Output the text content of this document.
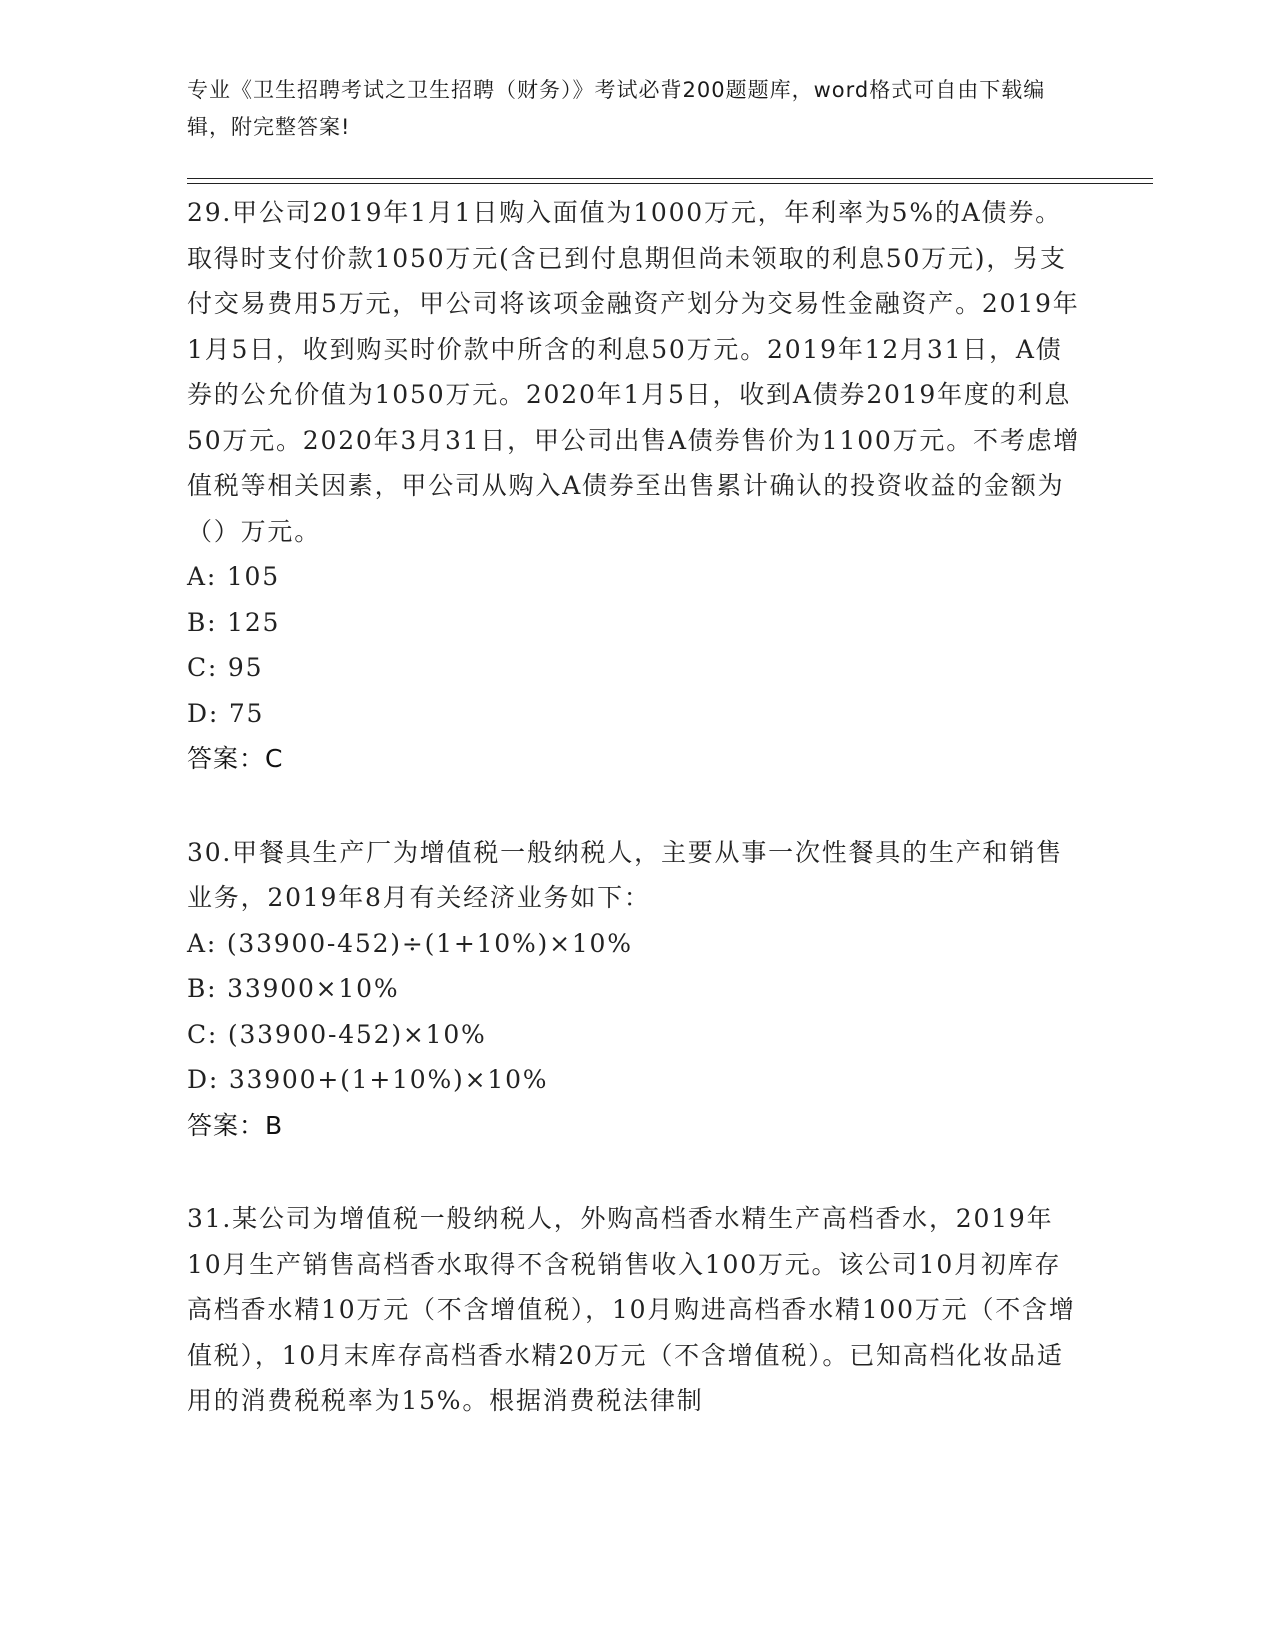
专业《卫生招聘考试之卫生招聘（财务）》考试必背200题题库，word格式可自由下载编辑，附完整答案!

29.甲公司2019年1月1日购入面值为1000万元，年利率为5%的A债券。取得时支付价款1050万元(含已到付息期但尚未领取的利息50万元)，另支付交易费用5万元，甲公司将该项金融资产划分为交易性金融资产。2019年1月5日，收到购买时价款中所含的利息50万元。2019年12月31日，A债券的公允价值为1050万元。2020年1月5日，收到A债券2019年度的利息50万元。2020年3月31日，甲公司出售A债券售价为1100万元。不考虑增值税等相关因素，甲公司从购入A债券至出售累计确认的投资收益的金额为（）万元。

A: 105

B: 125

C: 95

D: 75

答案：C

30.甲餐具生产厂为增值税一般纳税人，主要从事一次性餐具的生产和销售业务，2019年8月有关经济业务如下：

A: (33900-452)÷(1+10%)×10%

B: 33900×10%

C: (33900-452)×10%

D: 33900+(1+10%)×10%

答案：B

31.某公司为增值税一般纳税人，外购高档香水精生产高档香水，2019年10月生产销售高档香水取得不含税销售收入100万元。该公司10月初库存高档香水精10万元（不含增值税），10月购进高档香水精100万元（不含增值税），10月末库存高档香水精20万元（不含增值税）。已知高档化妆品适用的消费税税率为15%。根据消费税法律制
